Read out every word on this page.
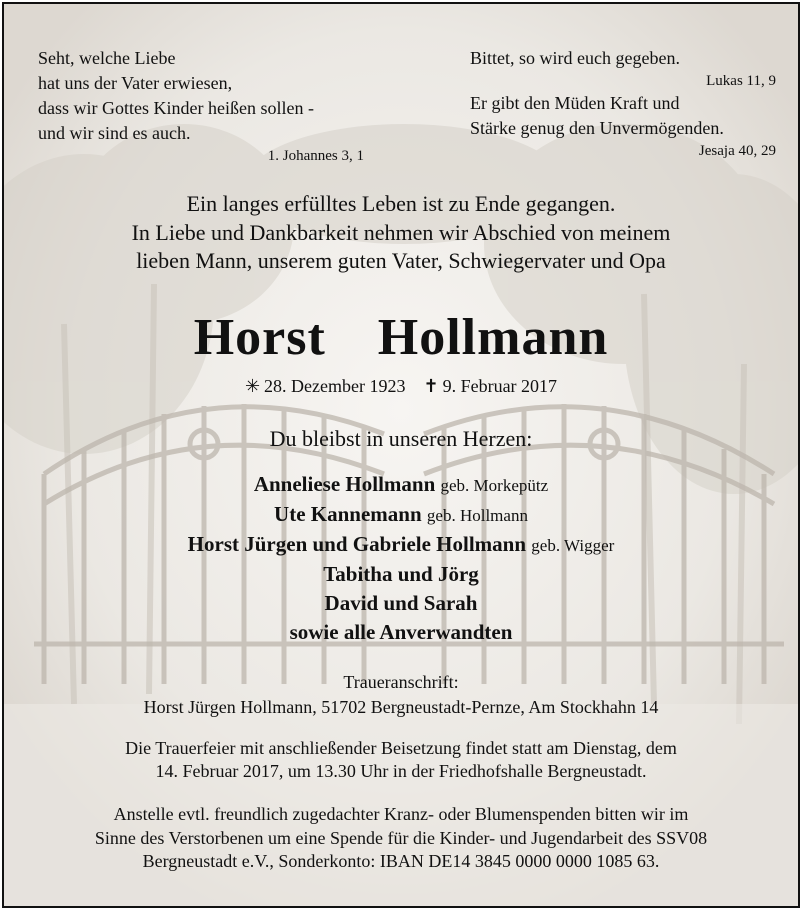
Seht, welche Liebe
hat uns der Vater erwiesen,
dass wir Gottes Kinder heißen sollen -
und wir sind es auch.
1. Johannes 3, 1
Bittet, so wird euch gegeben.
Lukas 11, 9
Er gibt den Müden Kraft und
Stärke genug den Unvermögenden.
Jesaja 40, 29
Ein langes erfülltes Leben ist zu Ende gegangen.
In Liebe und Dankbarkeit nehmen wir Abschied von meinem
lieben Mann, unserem guten Vater, Schwiegervater und Opa
Horst  Hollmann
✳ 28. Dezember 1923 ✝ 9. Februar 2017
Du bleibst in unseren Herzen:
Anneliese Hollmann geb. Morkepütz
Ute Kannemann geb. Hollmann
Horst Jürgen und Gabriele Hollmann geb. Wigger
Tabitha und Jörg
David und Sarah
sowie alle Anverwandten
Traueranschrift:
Horst Jürgen Hollmann, 51702 Bergneustadt-Pernze, Am Stockhahn 14
Die Trauerfeier mit anschließender Beisetzung findet statt am Dienstag, dem
14. Februar 2017, um 13.30 Uhr in der Friedhofshalle Bergneustadt.
Anstelle evtl. freundlich zugedachter Kranz- oder Blumenspenden bitten wir im
Sinne des Verstorbenen um eine Spende für die Kinder- und Jugendarbeit des SSV08
Bergneustadt e.V., Sonderkonto: IBAN DE14 3845 0000 0000 1085 63.
